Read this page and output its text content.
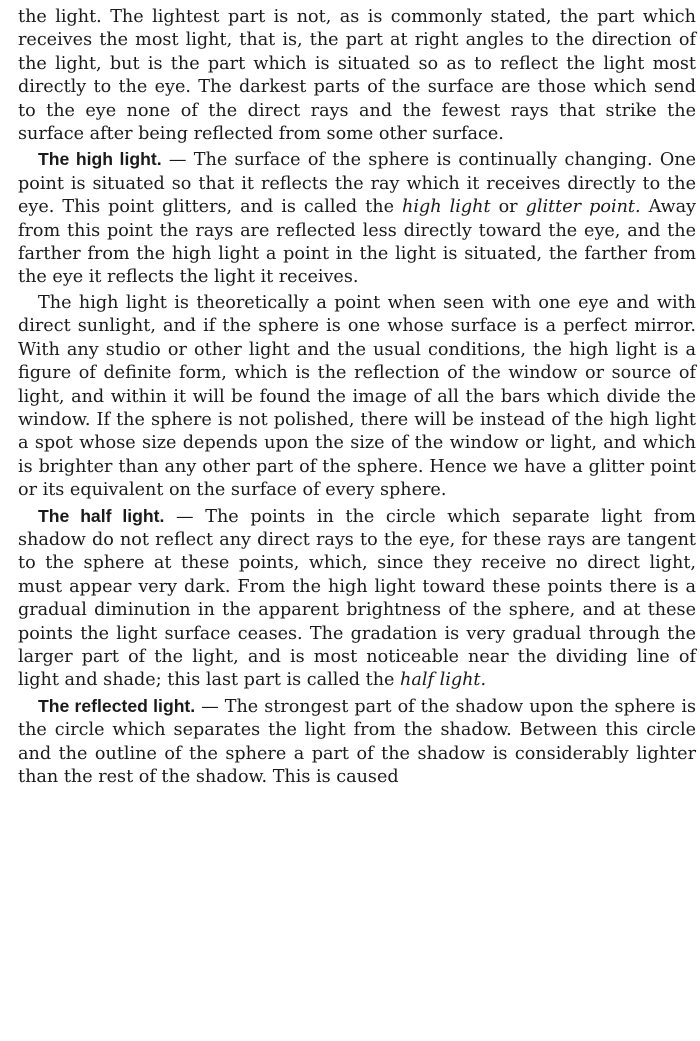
the light. The lightest part is not, as is commonly stated, the part which receives the most light, that is, the part at right angles to the direction of the light, but is the part which is situated so as to reflect the light most directly to the eye. The darkest parts of the surface are those which send to the eye none of the direct rays and the fewest rays that strike the surface after being reflected from some other surface.

The high light. — The surface of the sphere is continually changing. One point is situated so that it reflects the ray which it receives directly to the eye. This point glitters, and is called the high light or glitter point. Away from this point the rays are reflected less directly toward the eye, and the farther from the high light a point in the light is situated, the farther from the eye it reflects the light it receives.

The high light is theoretically a point when seen with one eye and with direct sunlight, and if the sphere is one whose surface is a perfect mirror. With any studio or other light and the usual conditions, the high light is a figure of definite form, which is the reflection of the window or source of light, and within it will be found the image of all the bars which divide the window. If the sphere is not polished, there will be instead of the high light a spot whose size depends upon the size of the window or light, and which is brighter than any other part of the sphere. Hence we have a glitter point or its equivalent on the surface of every sphere.

The half light. — The points in the circle which separate light from shadow do not reflect any direct rays to the eye, for these rays are tangent to the sphere at these points, which, since they receive no direct light, must appear very dark. From the high light toward these points there is a gradual diminution in the apparent brightness of the sphere, and at these points the light surface ceases. The gradation is very gradual through the larger part of the light, and is most noticeable near the dividing line of light and shade; this last part is called the half light.

The reflected light. — The strongest part of the shadow upon the sphere is the circle which separates the light from the shadow. Between this circle and the outline of the sphere a part of the shadow is considerably lighter than the rest of the shadow. This is caused
